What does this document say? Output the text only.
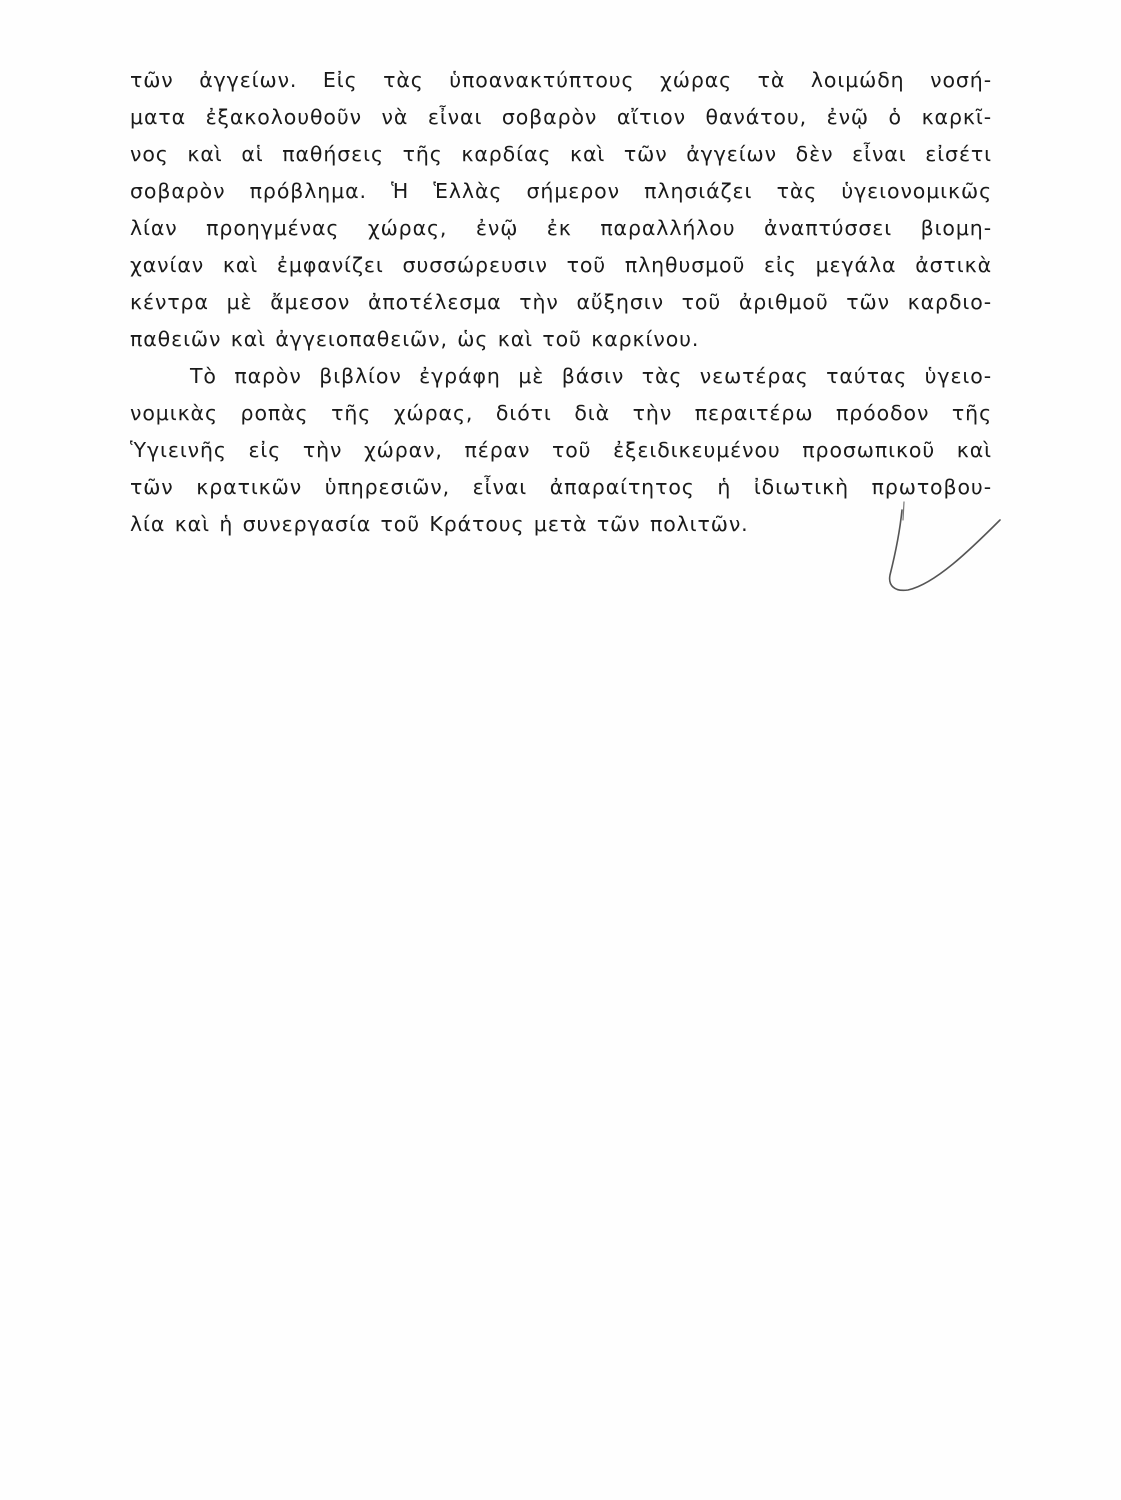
τῶν ἀγγείων. Εἰς τὰς ὑποανακτύπτους χώρας τὰ λοιμώδη νοσή-
ματα ἐξακολουθοῦν νὰ εἶναι σοβαρὸν αἴτιον θανάτου, ἐνῷ ὁ καρκῖ-
νος καὶ αἱ παθήσεις τῆς καρδίας καὶ τῶν ἀγγείων δὲν εἶναι εἰσέτι
σοβαρὸν πρόβλημα. Ἡ Ἑλλὰς σήμερον πλησιάζει τὰς ὑγειονομικῶς
λίαν προηγμένας χώρας, ἐνῷ ἐκ παραλλήλου ἀναπτύσσει βιομη-
χανίαν καὶ ἐμφανίζει συσσώρευσιν τοῦ πληθυσμοῦ εἰς μεγάλα ἀστικὰ
κέντρα μὲ ἄμεσον ἀποτέλεσμα τὴν αὔξησιν τοῦ ἀριθμοῦ τῶν καρδιο-
παθειῶν καὶ ἀγγειοπαθειῶν, ὡς καὶ τοῦ καρκίνου.
Τὸ παρὸν βιβλίον ἐγράφη μὲ βάσιν τὰς νεωτέρας ταύτας ὑγειο-
νομικὰς ροπὰς τῆς χώρας, διότι διὰ τὴν περαιτέρω πρόοδον τῆς
Ὑγιεινῆς εἰς τὴν χώραν, πέραν τοῦ ἐξειδικευμένου προσωπικοῦ καὶ
τῶν κρατικῶν ὑπηρεσιῶν, εἶναι ἀπαραίτητος ἡ ἰδιωτικὴ πρωτοβου-
λία καὶ ἡ συνεργασία τοῦ Κράτους μετὰ τῶν πολιτῶν.
